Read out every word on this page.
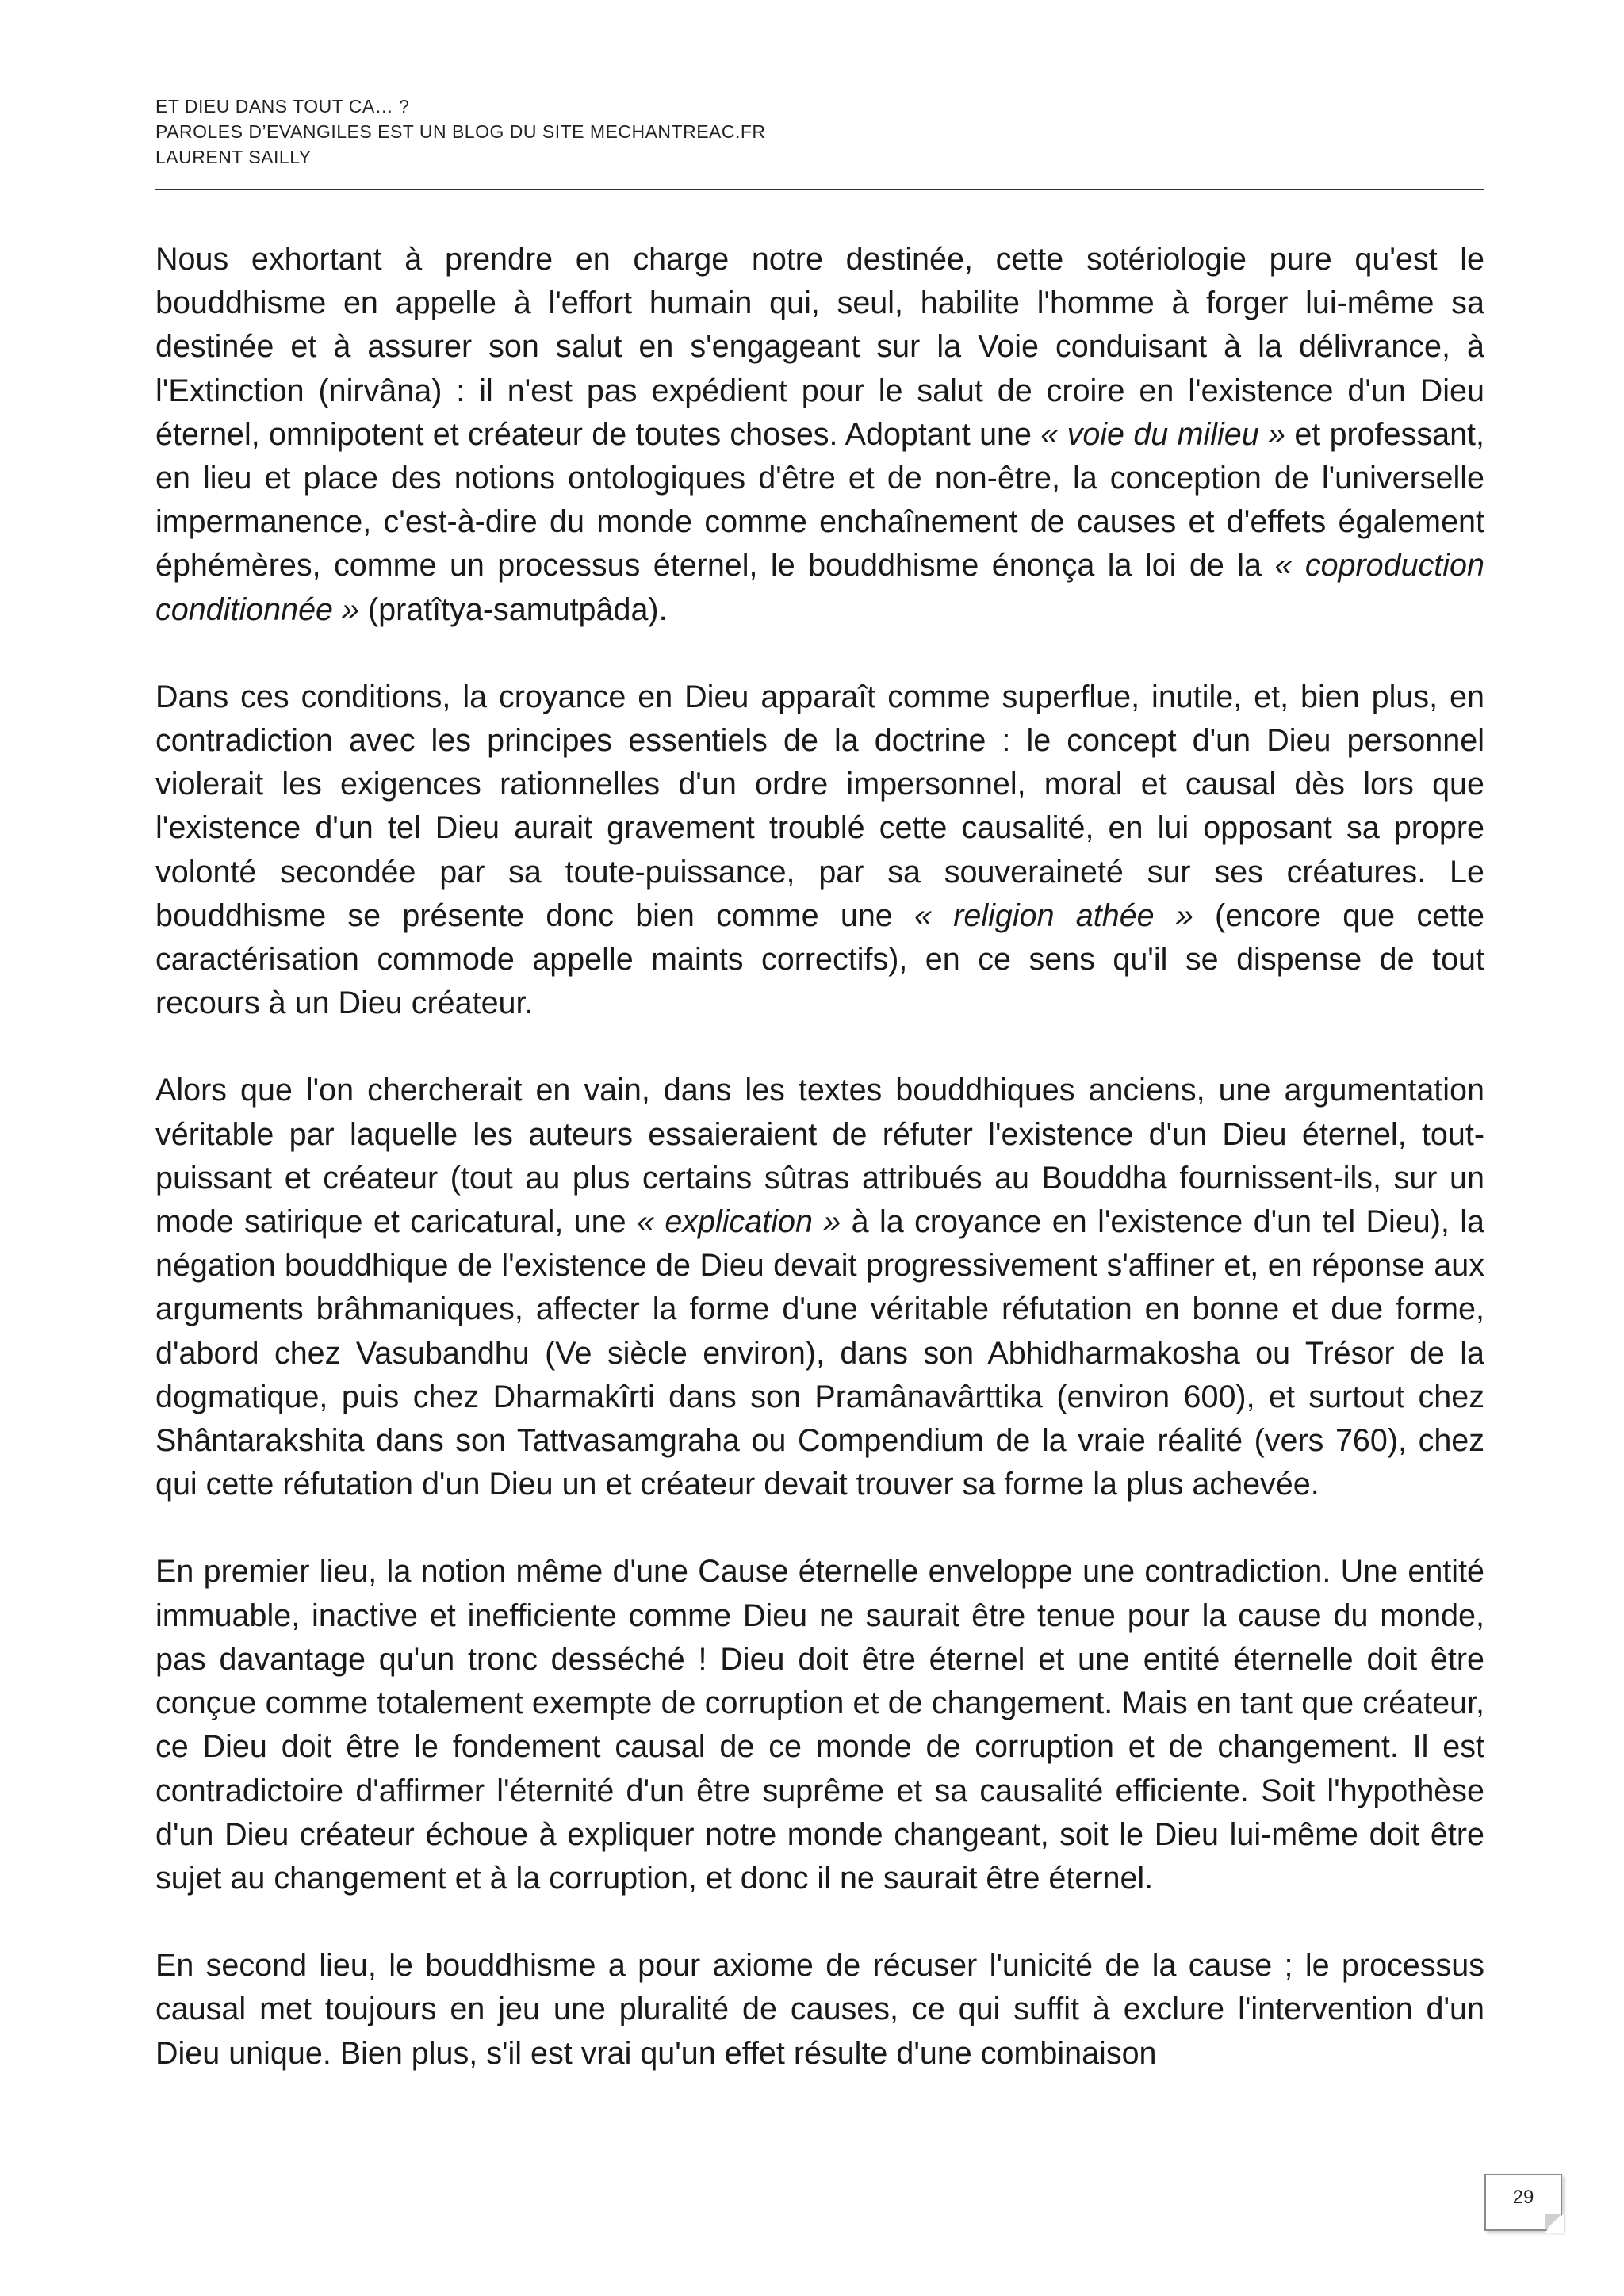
ET DIEU DANS TOUT CA… ?
PAROLES D’EVANGILES EST UN BLOG DU SITE MECHANTREAC.FR
LAURENT SAILLY

Nous exhortant à prendre en charge notre destinée, cette sotériologie pure qu'est le bouddhisme en appelle à l'effort humain qui, seul, habilite l'homme à forger lui-même sa destinée et à assurer son salut en s'engageant sur la Voie conduisant à la délivrance, à l'Extinction (nirvâna) : il n'est pas expédient pour le salut de croire en l'existence d'un Dieu éternel, omnipotent et créateur de toutes choses. Adoptant une « voie du milieu » et professant, en lieu et place des notions ontologiques d'être et de non-être, la conception de l'universelle impermanence, c'est-à-dire du monde comme enchaînement de causes et d'effets également éphémères, comme un processus éternel, le bouddhisme énonça la loi de la « coproduction conditionnée » (pratîtya-samutpâda).

Dans ces conditions, la croyance en Dieu apparaît comme superflue, inutile, et, bien plus, en contradiction avec les principes essentiels de la doctrine : le concept d'un Dieu personnel violerait les exigences rationnelles d'un ordre impersonnel, moral et causal dès lors que l'existence d'un tel Dieu aurait gravement troublé cette causalité, en lui opposant sa propre volonté secondée par sa toute-puissance, par sa souveraineté sur ses créatures. Le bouddhisme se présente donc bien comme une « religion athée » (encore que cette caractérisation commode appelle maints correctifs), en ce sens qu'il se dispense de tout recours à un Dieu créateur.

Alors que l'on chercherait en vain, dans les textes bouddhiques anciens, une argumentation véritable par laquelle les auteurs essaieraient de réfuter l'existence d'un Dieu éternel, tout-puissant et créateur (tout au plus certains sûtras attribués au Bouddha fournissent-ils, sur un mode satirique et caricatural, une « explication » à la croyance en l'existence d'un tel Dieu), la négation bouddhique de l'existence de Dieu devait progressivement s'affiner et, en réponse aux arguments brâhmaniques, affecter la forme d'une véritable réfutation en bonne et due forme, d'abord chez Vasubandhu (Ve siècle environ), dans son Abhidharmakosha ou Trésor de la dogmatique, puis chez Dharmakîrti dans son Pramânavârttika (environ 600), et surtout chez Shântarakshita dans son Tattvasamgraha ou Compendium de la vraie réalité (vers 760), chez qui cette réfutation d'un Dieu un et créateur devait trouver sa forme la plus achevée.

En premier lieu, la notion même d'une Cause éternelle enveloppe une contradiction. Une entité immuable, inactive et inefficiente comme Dieu ne saurait être tenue pour la cause du monde, pas davantage qu'un tronc desséché ! Dieu doit être éternel et une entité éternelle doit être conçue comme totalement exempte de corruption et de changement. Mais en tant que créateur, ce Dieu doit être le fondement causal de ce monde de corruption et de changement. Il est contradictoire d'affirmer l'éternité d'un être suprême et sa causalité efficiente. Soit l'hypothèse d'un Dieu créateur échoue à expliquer notre monde changeant, soit le Dieu lui-même doit être sujet au changement et à la corruption, et donc il ne saurait être éternel.

En second lieu, le bouddhisme a pour axiome de récuser l'unicité de la cause ; le processus causal met toujours en jeu une pluralité de causes, ce qui suffit à exclure l'intervention d'un Dieu unique. Bien plus, s'il est vrai qu'un effet résulte d'une combinaison

29
